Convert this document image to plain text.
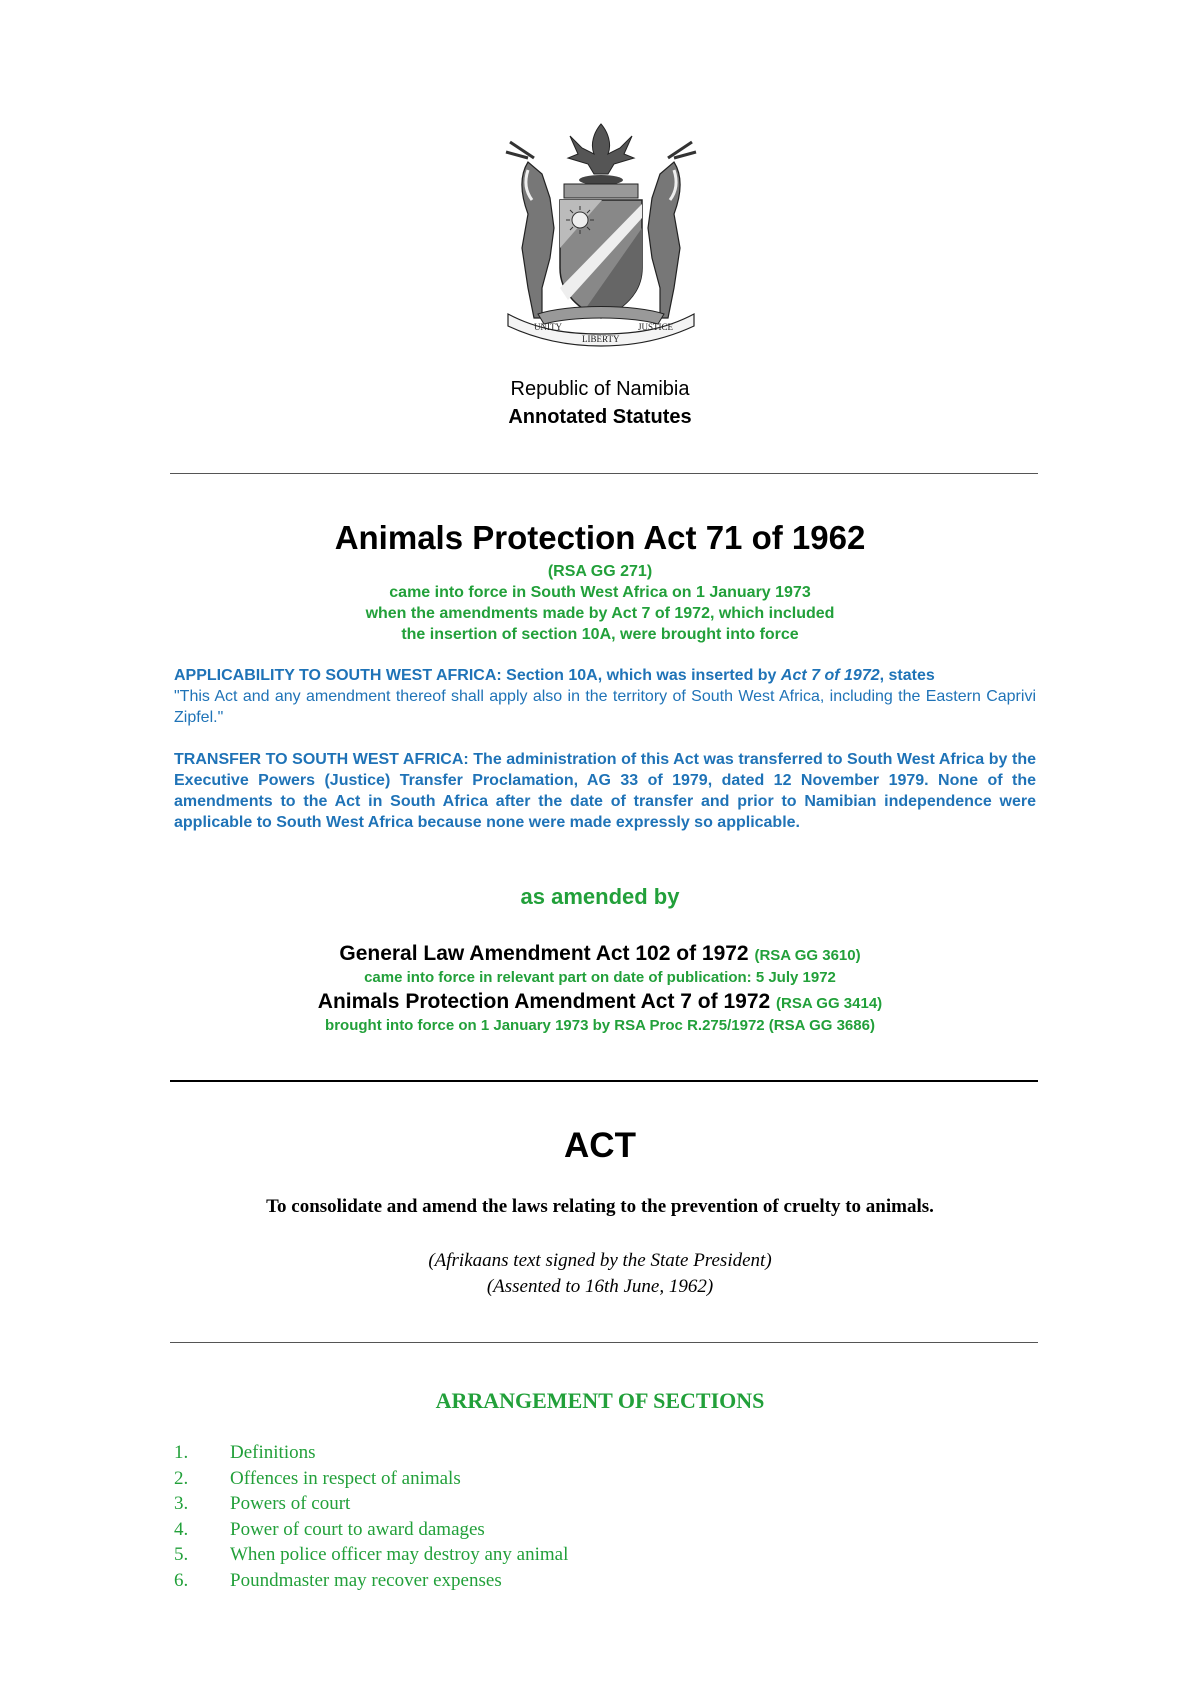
UNITY
LIBERTY
JUSTICE
Republic of Namibia
Annotated Statutes
Animals Protection Act 71 of 1962
(RSA GG 271)
came into force in South West Africa on 1 January 1973
when the amendments made by Act 7 of 1972, which included
the insertion of section 10A, were brought into force
APPLICABILITY TO SOUTH WEST AFRICA: Section 10A, which was inserted by Act 7 of 1972, states
"This Act and any amendment thereof shall apply also in the territory of South West Africa, including the Eastern Caprivi Zipfel."
TRANSFER TO SOUTH WEST AFRICA: The administration of this Act was transferred to South West Africa by the Executive Powers (Justice) Transfer Proclamation, AG 33 of 1979, dated 12 November 1979. None of the amendments to the Act in South Africa after the date of transfer and prior to Namibian independence were applicable to South West Africa because none were made expressly so applicable.
as amended by
General Law Amendment Act 102 of 1972 (RSA GG 3610)
came into force in relevant part on date of publication: 5 July 1972
Animals Protection Amendment Act 7 of 1972 (RSA GG 3414)
brought into force on 1 January 1973 by RSA Proc R.275/1972 (RSA GG 3686)
ACT
To consolidate and amend the laws relating to the prevention of cruelty to animals.
(Afrikaans text signed by the State President)
(Assented to 16th June, 1962)
ARRANGEMENT OF SECTIONS
1. Definitions
2. Offences in respect of animals
3. Powers of court
4. Power of court to award damages
5. When police officer may destroy any animal
6. Poundmaster may recover expenses
